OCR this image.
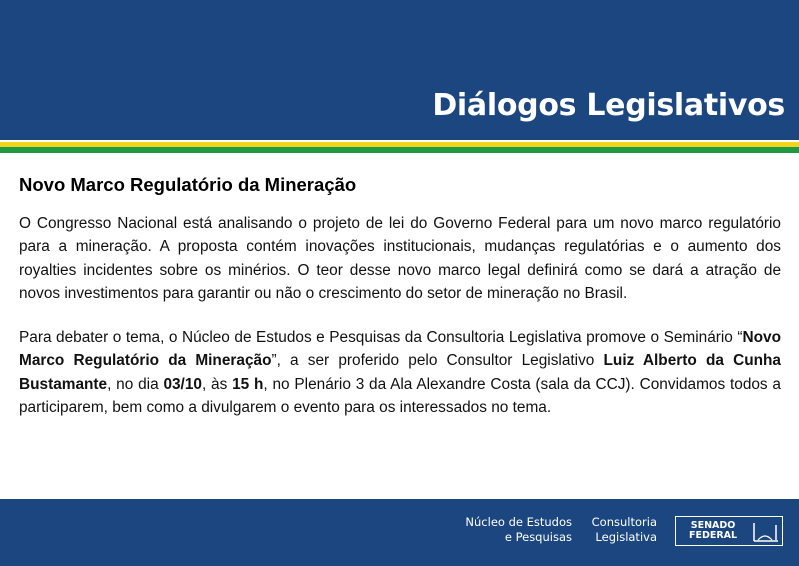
Diálogos Legislativos
Novo Marco Regulatório da Mineração

O Congresso Nacional está analisando o projeto de lei do Governo Federal para um novo marco regulatório para a mineração. A proposta contém inovações institucionais, mudanças regulatórias e o aumento dos royalties incidentes sobre os minérios. O teor desse novo marco legal definirá como se dará a atração de novos investimentos para garantir ou não o crescimento do setor de mineração no Brasil.

Para debater o tema, o Núcleo de Estudos e Pesquisas da Consultoria Legislativa promove o Seminário “Novo Marco Regulatório da Mineração”, a ser proferido pelo Consultor Legislativo Luiz Alberto da Cunha Bustamante, no dia 03/10, às 15 h, no Plenário 3 da Ala Alexandre Costa (sala da CCJ). Convidamos todos a participarem, bem como a divulgarem o evento para os interessados no tema.

Núcleo de Estudos
e Pesquisas
Consultoria
Legislativa
SENADO
FEDERAL
